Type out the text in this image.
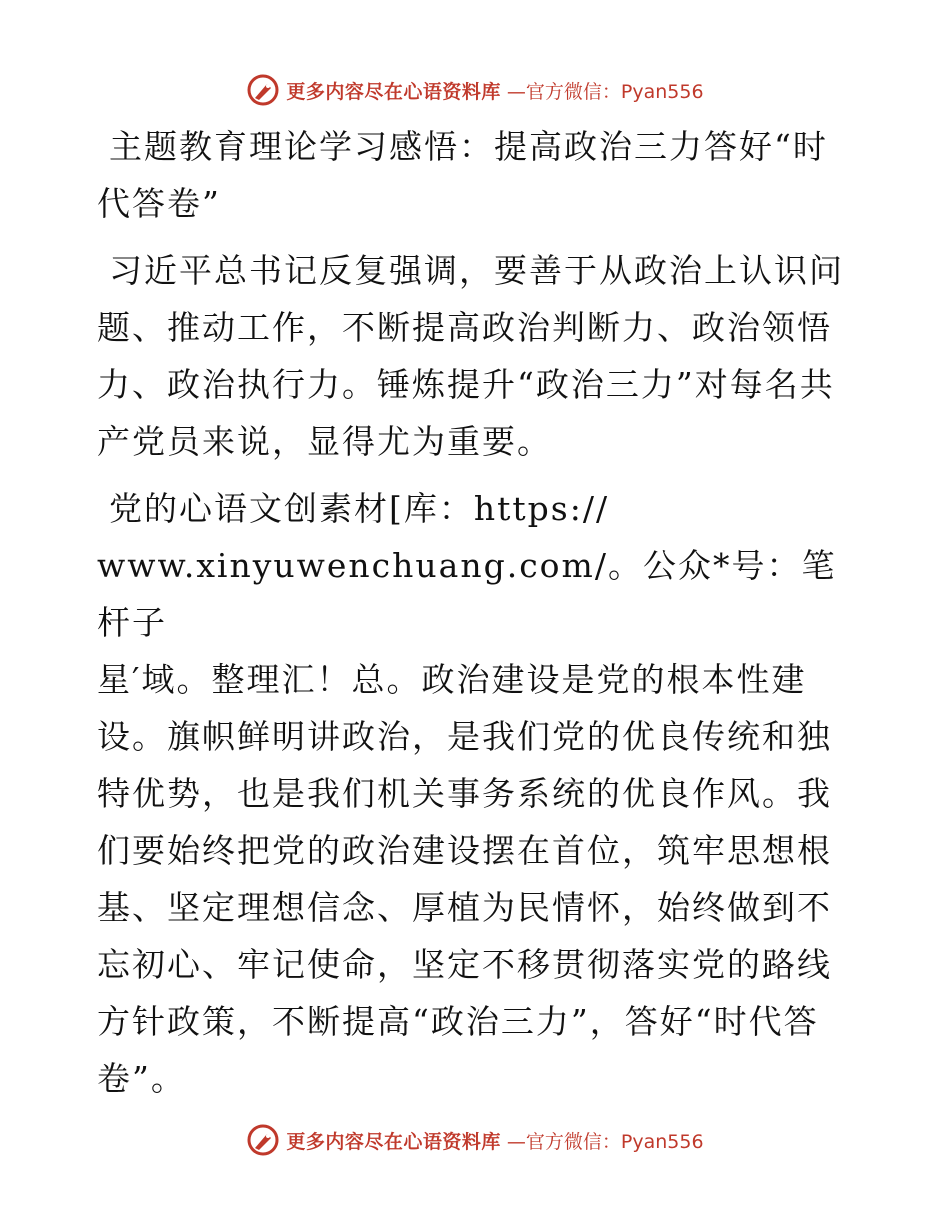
更多内容尽在心语资料库 —官方微信：Pyan556

主题教育理论学习感悟：提高政治三力答好“时代答卷”

习近平总书记反复强调，要善于从政治上认识问题、推动工作，不断提高政治判断力、政治领悟力、政治执行力。锤炼提升“政治三力”对每名共产党员来说，显得尤为重要。

党的心语文创素材[库：https://

www.xinyuwenchuang.com/。公众*号：笔杆子

星′域。整理汇！总。政治建设是党的根本性建设。旗帜鲜明讲政治，是我们党的优良传统和独特优势，也是我们机关事务系统的优良作风。我们要始终把党的政治建设摆在首位，筑牢思想根基、坚定理想信念、厚植为民情怀，始终做到不忘初心、牢记使命，坚定不移贯彻落实党的路线方针政策，不断提高“政治三力”，答好“时代答卷”。

更多内容尽在心语资料库 —官方微信：Pyan556
